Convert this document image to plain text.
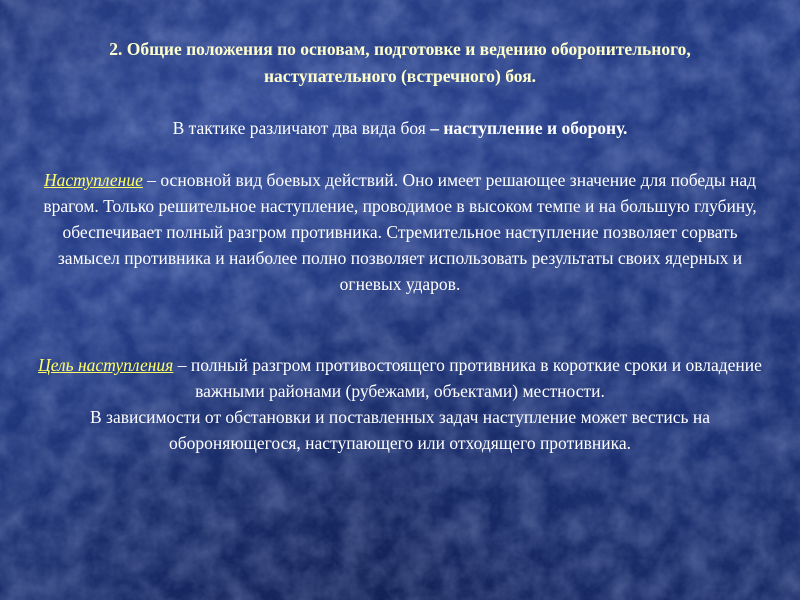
2. Общие положения по основам, подготовке и ведению оборонительного,
наступательного (встречного) боя.
В тактике различают два вида боя – наступление и оборону.
Наступление – основной вид боевых действий. Оно имеет решающее значение для победы над врагом. Только решительное наступление, проводимое в высоком темпе и на большую глубину, обеспечивает полный разгром противника. Стремительное наступление позволяет сорвать замысел противника и наиболее полно позволяет использовать результаты своих ядерных и огневых ударов.
Цель наступления – полный разгром противостоящего противника в короткие сроки и овладение важными районами (рубежами, объектами) местности.
В зависимости от обстановки и поставленных задач наступление может вестись на обороняющегося, наступающего или отходящего противника.
